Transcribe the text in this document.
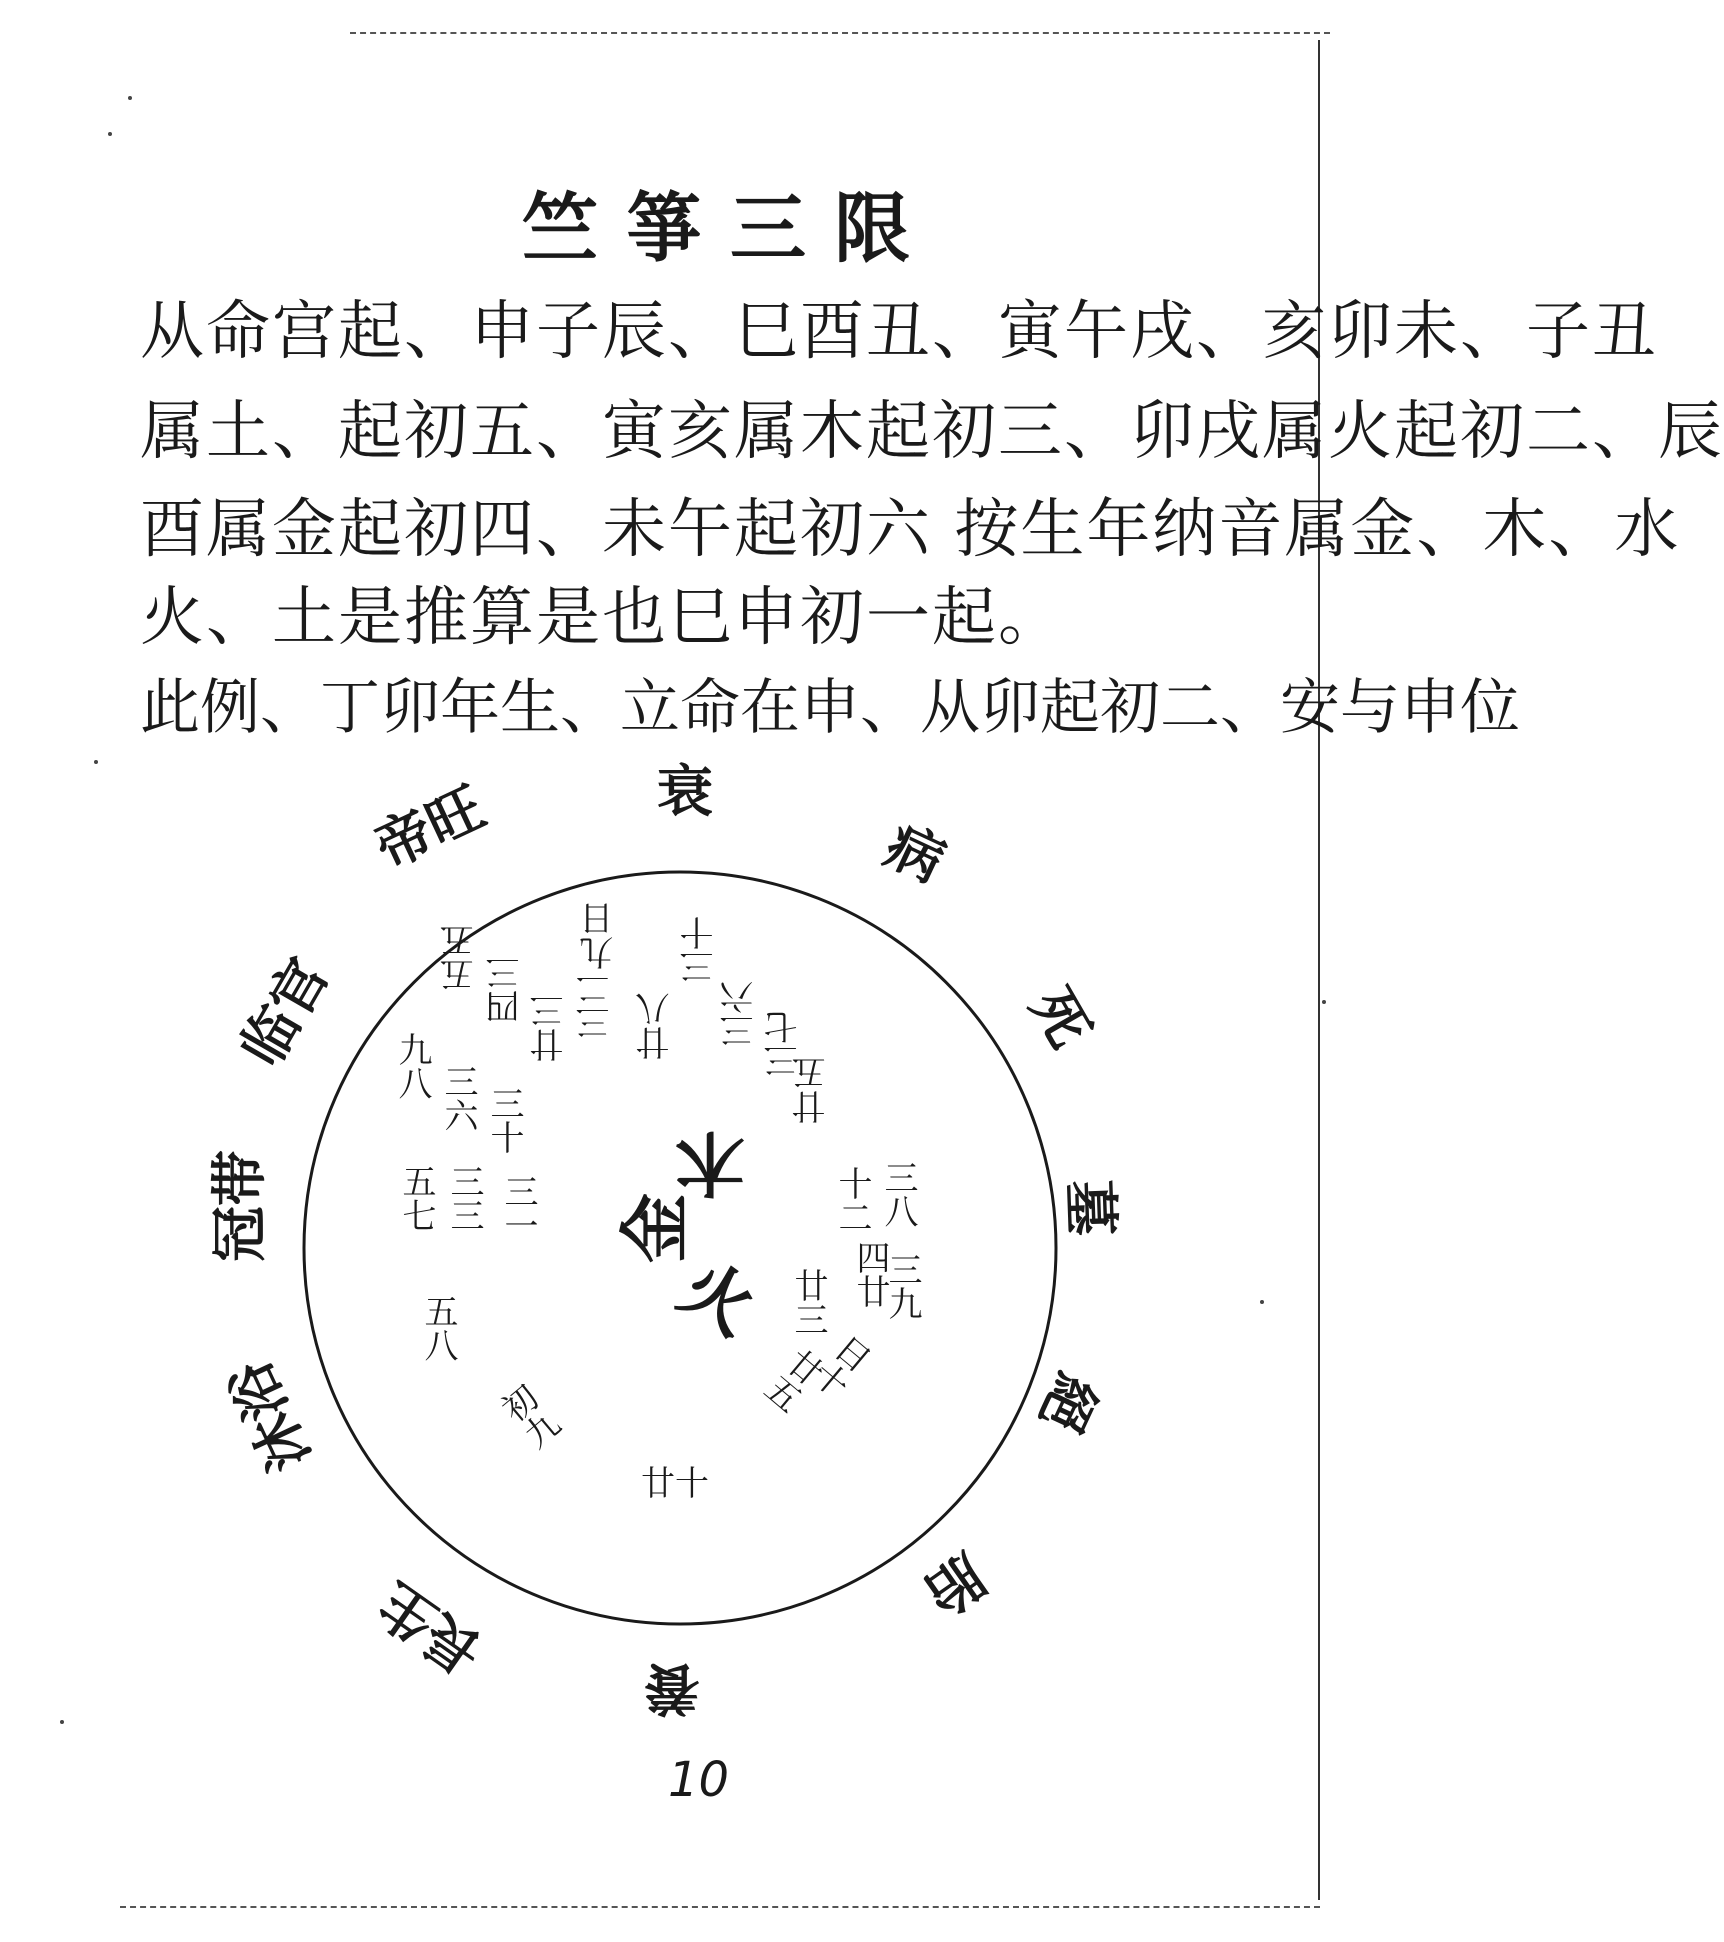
竺箏三限
从命宫起、申子辰、巳酉丑、寅午戌、亥卯未、子丑
属土、起初五、寅亥属木起初三、卯戌属火起初二、辰
酉属金起初四、未午起初六 按生年纳音属金、木、水
火、土是推算是也巳申初一起。
此例、丁卯年生、立命在申、从卯起初二、安与申位
衰
病
死
墓
絕
胎
養
長生
沐浴
冠带
临官
帝旺
五五 四三
廿三
九日
三二 廿八
三十
三六 三七
廿五
九八 三六 三十
五七 三三 三一
五八
初九
廿十
三八
十二
四廿
三九
廿三
日十
廿五
木
金
火
10
